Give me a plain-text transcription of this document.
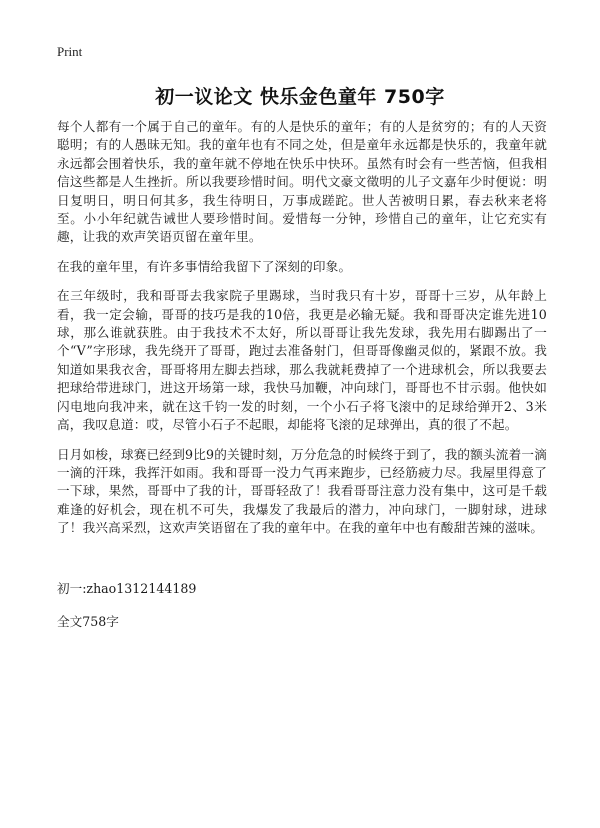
Print
初一议论文 快乐金色童年 750字

每个人都有一个属于自己的童年。有的人是快乐的童年；有的人是贫穷的；有的人天资聪明；有的人愚昧无知。我的童年也有不同之处，但是童年永远都是快乐的，我童年就永远都会围着快乐，我的童年就不停地在快乐中快环。虽然有时会有一些苦恼，但我相信这些都是人生挫折。所以我要珍惜时间。明代文豪文徵明的儿子文嘉年少时便说：明日复明日，明日何其多，我生待明日，万事成蹉跎。世人苦被明日累，春去秋来老将至。小小年纪就告诫世人要珍惜时间。爱惜每一分钟，珍惜自己的童年，让它充实有趣，让我的欢声笑语页留在童年里。

在我的童年里，有许多事情给我留下了深刻的印象。

在三年级时，我和哥哥去我家院子里踢球，当时我只有十岁，哥哥十三岁，从年龄上看，我一定会输，哥哥的技巧是我的10倍，我更是必输无疑。我和哥哥决定谁先进10球，那么谁就获胜。由于我技术不太好，所以哥哥让我先发球，我先用右脚踢出了一个“V”字形球，我先绕开了哥哥，跑过去准备射门，但哥哥像幽灵似的，紧跟不放。我知道如果我衣舍，哥哥将用左脚去挡球，那么我就耗费掉了一个进球机会，所以我要去把球给带进球门，进这开场第一球，我快马加鞭，冲向球门，哥哥也不甘示弱。他快如闪电地向我冲来，就在这千钧一发的时刻，一个小石子将飞滚中的足球给弹开2、3米高，我叹息道：哎，尽管小石子不起眼，却能将飞滚的足球弹出，真的很了不起。

日月如梭，球赛已经到9比9的关键时刻，万分危急的时候终于到了，我的额头流着一滴一滴的汗珠，我挥汗如雨。我和哥哥一没力气再来跑步，已经筋疲力尽。我屋里得意了一下球，果然，哥哥中了我的计，哥哥轻敌了！我看哥哥注意力没有集中，这可是千载难逢的好机会，现在机不可失，我爆发了我最后的潜力，冲向球门，一脚射球，进球了！我兴高采烈，这欢声笑语留在了我的童年中。在我的童年中也有酸甜苦辣的滋味。

初一:zhao1312144189

全文758字
